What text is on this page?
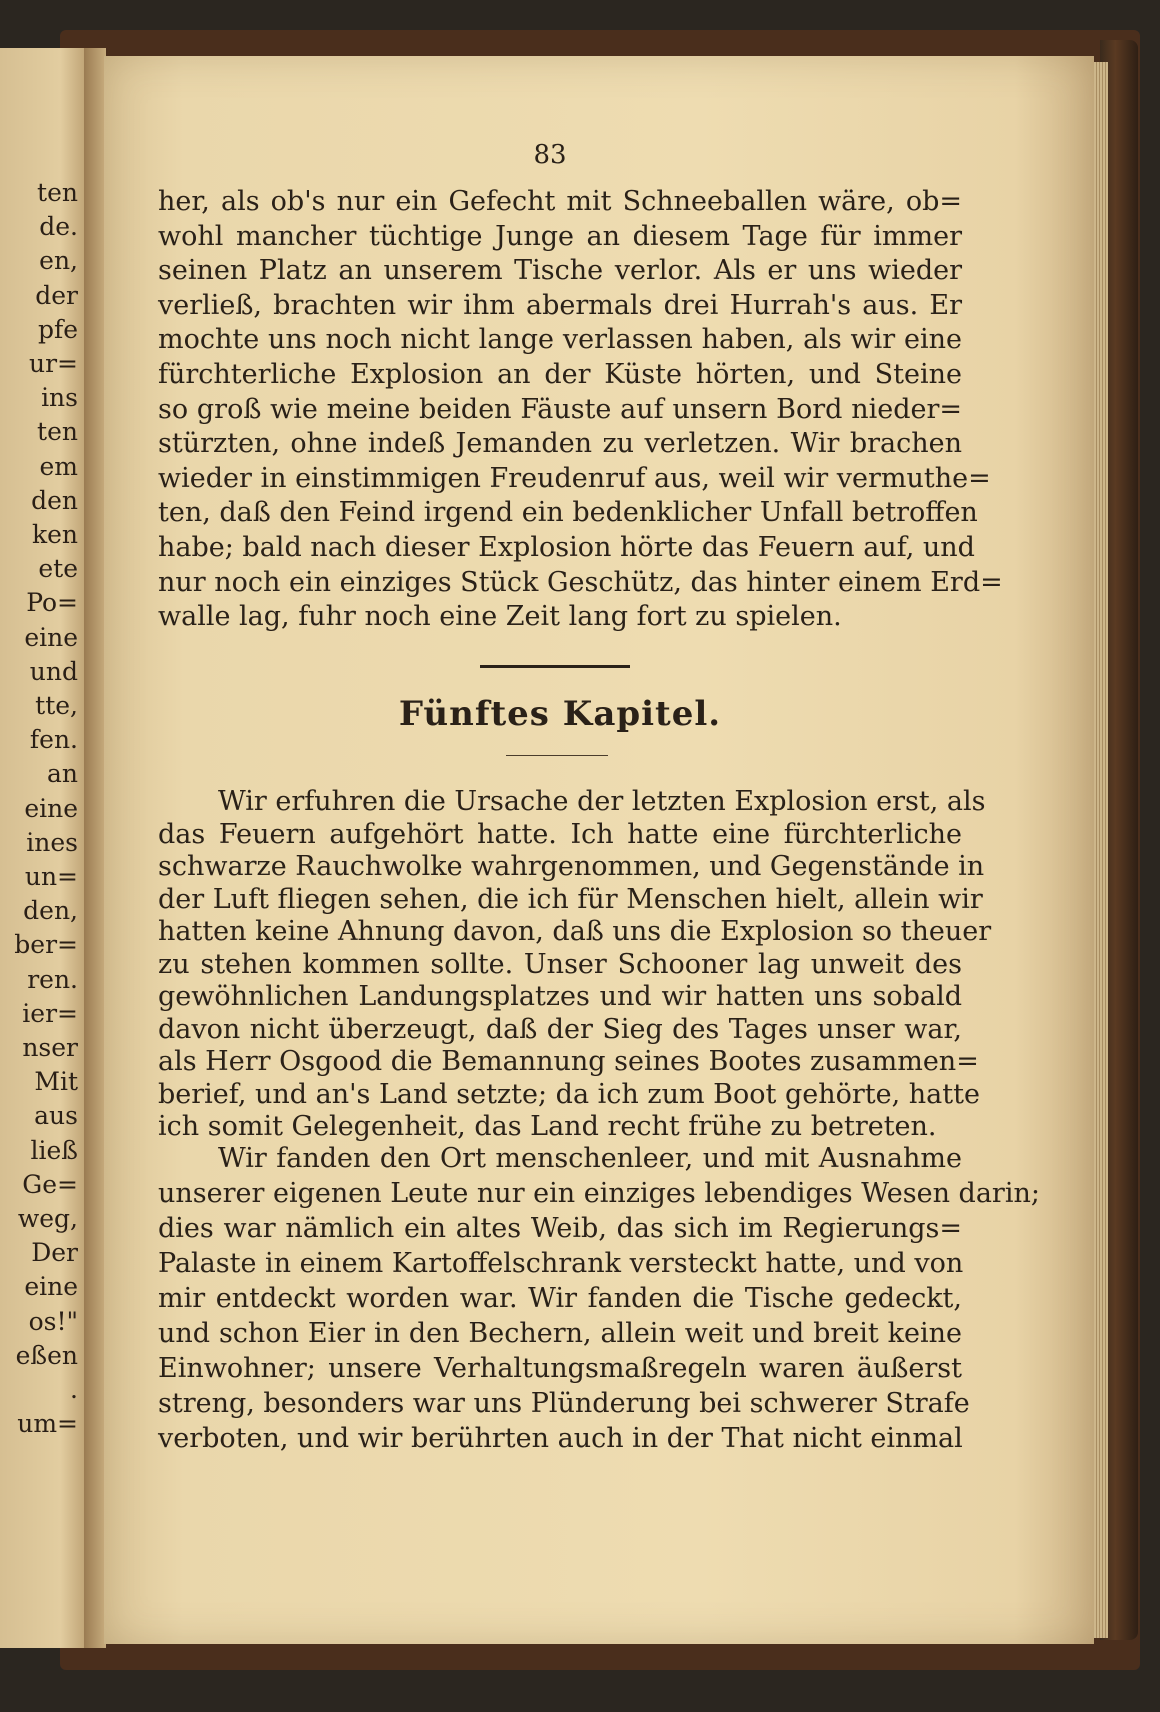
ten
de.
en,
der
pfe
ur=
ins
ten
em
den
ken
ete
Po=
eine
und
tte,
fen.
an
eine
ines
un=
den,
ber=
ren.
ier=
nser
Mit
aus
ließ
Ge=
weg,
Der
eine
os!"
eßen
.
um=
83
her, als ob's nur ein Gefecht mit Schneeballen wäre, ob=
wohl mancher tüchtige Junge an diesem Tage für immer
seinen Platz an unserem Tische verlor. Als er uns wieder
verließ, brachten wir ihm abermals drei Hurrah's aus. Er
mochte uns noch nicht lange verlassen haben, als wir eine
fürchterliche Explosion an der Küste hörten, und Steine
so groß wie meine beiden Fäuste auf unsern Bord nieder=
stürzten, ohne indeß Jemanden zu verletzen. Wir brachen
wieder in einstimmigen Freudenruf aus, weil wir vermuthe=
ten, daß den Feind irgend ein bedenklicher Unfall betroffen
habe; bald nach dieser Explosion hörte das Feuern auf, und
nur noch ein einziges Stück Geschütz, das hinter einem Erd=
walle lag, fuhr noch eine Zeit lang fort zu spielen.
Fünftes Kapitel.
Wir erfuhren die Ursache der letzten Explosion erst, als
das Feuern aufgehört hatte. Ich hatte eine fürchterliche
schwarze Rauchwolke wahrgenommen, und Gegenstände in
der Luft fliegen sehen, die ich für Menschen hielt, allein wir
hatten keine Ahnung davon, daß uns die Explosion so theuer
zu stehen kommen sollte. Unser Schooner lag unweit des
gewöhnlichen Landungsplatzes und wir hatten uns sobald
davon nicht überzeugt, daß der Sieg des Tages unser war,
als Herr Osgood die Bemannung seines Bootes zusammen=
berief, und an's Land setzte; da ich zum Boot gehörte, hatte
ich somit Gelegenheit, das Land recht frühe zu betreten.
Wir fanden den Ort menschenleer, und mit Ausnahme
unserer eigenen Leute nur ein einziges lebendiges Wesen darin;
dies war nämlich ein altes Weib, das sich im Regierungs=
Palaste in einem Kartoffelschrank versteckt hatte, und von
mir entdeckt worden war. Wir fanden die Tische gedeckt,
und schon Eier in den Bechern, allein weit und breit keine
Einwohner; unsere Verhaltungsmaßregeln waren äußerst
streng, besonders war uns Plünderung bei schwerer Strafe
verboten, und wir berührten auch in der That nicht einmal
